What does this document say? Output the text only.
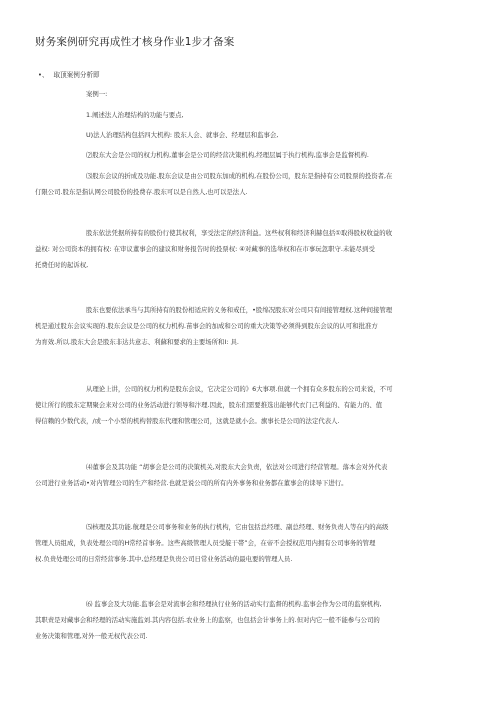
财务案例研究再成性才核身作业1步才备案
•、 取顶案例分析即
案例一:
1.阐述法人治理结构的功能与要点,
U)法人治理结构包括四大机构: 股东人会、就事会、经理层和监事会,
⑵股东大会是公司的权力机构,董事会是公司的经营决策机构,经理层属于执行机构,监事会是监督机构.
⑶股东会议的折成及功能.股东会议是由公司股东加成的机构,在股份公司，股东是指持有公司股票的投资者,在
仃限公司.股东是指认网公司股份的投费存.股东可以是自然人,也可以是法人.
股东依法凭据所持有的股份行使其权利，享受法定的经济利益。这些权利和经济利赫包括①取得股权收益的收
益权: 对公司资本的拥有权: 在审议董事会的建议和财务报告时的投票权: ④对藏事的选举权和在市事玩忽职守.未能尽到受
托费任时的起诉权,
股东也要依法承当与其所持有的股份相适应的义务和戒任，•股绵况股东对公司只有间接管理权.这种间接管理
机是通过股东会议实现的.股东会议是公司的权力机构.苗事会的加成和公司的重大决策等必须得到股东会议的认可和批准方
为育效.所以.股东大会是股东非达共意志、利蘇和要求的主要场所和I: 具.
从理论上讲，公司的权力机构是股东会议，它决定公司的》6大事项.但就一个拥有众多股东的公司来说，不可
使让所行的股东定期聚会来对公司的业务活动进行领导和汴理.因此，股东们需要推选出能够代衣门己利益的、有能力的、值
得信赖的少数代表，/或一个小型的机构替股东代理和管理公司，这就是就小会。旗事长是公司的法定代表人.
⑷董事会及其功能 “胡事会是公司的决策机关,对股东大会负责，依法对公司进行经营管理。落本会对外代表
公司进行业务活动•对内管理公司的生产和经营.也就是说公司的所有内外事务和业务都在董事会的诔导下进行。
⑸核理及其功能.航理是公司事务和业务的执行机构，它由包括总经理、副总经理、财务负责人等在内的高级
管理人员组成，负表处理公司的H常经首事务。这些高级管理人员受靛干帯”会，在帝不会授权范用内拥有公司事务的管理
权.负贵处理公司的日常经营事务.其中,总经理是负贵公司日常业务活动的最电要的管理人员.
⑹ 监事会及大功能.监事会是对流事会和经理执行业务的活动实行监督的机构.监事会作为公司的监察机构,
其职责是对藏事会和经理的活动实施监刘.其内容包括.农业务上的监察，也包括会计事务上的.但对内它一般不能参与公司的
业务决策和管理,对外一般无权代表公司.
